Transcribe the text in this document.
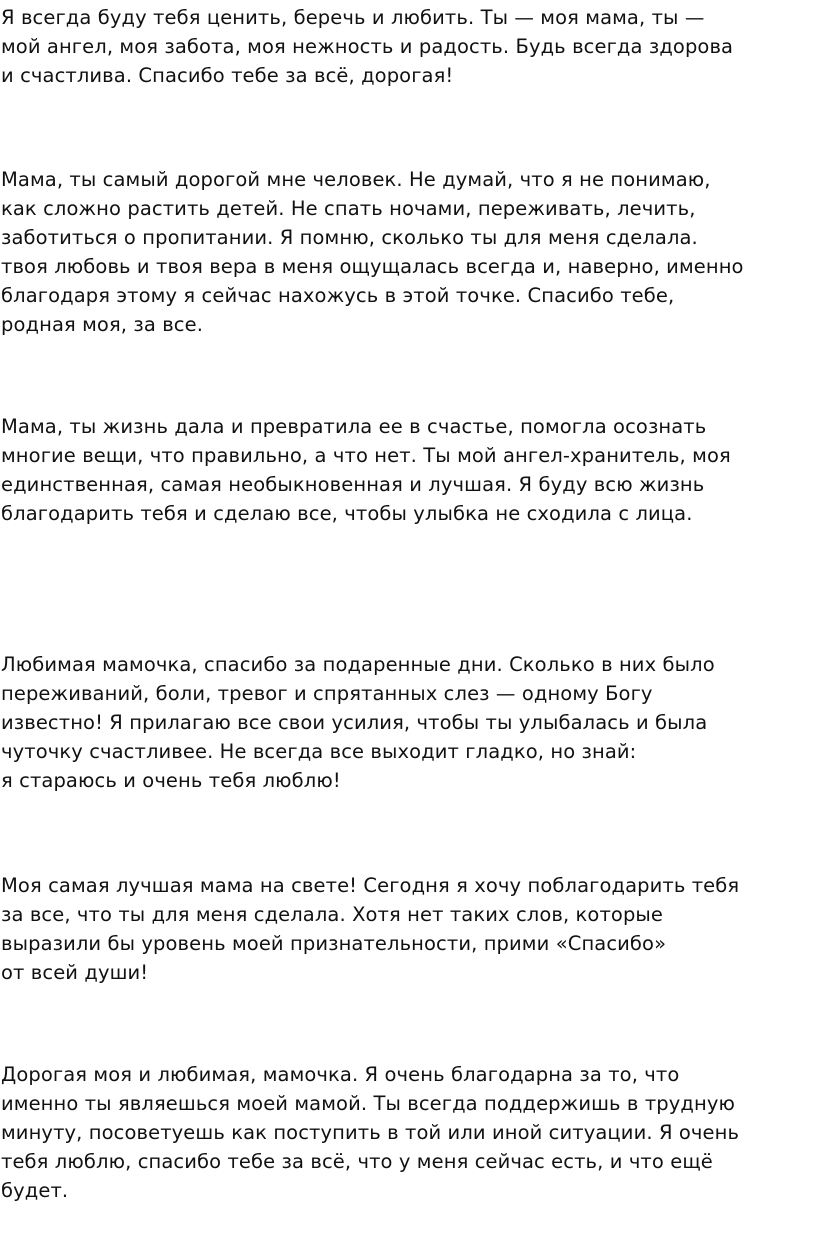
Я всегда буду тебя ценить, беречь и любить. Ты — моя мама, ты —
мой ангел, моя забота, моя нежность и радость. Будь всегда здорова
и счастлива. Спасибо тебе за всё, дорогая!

Мама, ты самый дорогой мне человек. Не думай, что я не понимаю,
как сложно растить детей. Не спать ночами, переживать, лечить,
заботиться о пропитании. Я помню, сколько ты для меня сделала.
твоя любовь и твоя вера в меня ощущалась всегда и, наверно, именно
благодаря этому я сейчас нахожусь в этой точке. Спасибо тебе,
родная моя, за все.

Мама, ты жизнь дала и превратила ее в счастье, помогла осознать
многие вещи, что правильно, а что нет. Ты мой ангел-хранитель, моя
единственная, самая необыкновенная и лучшая. Я буду всю жизнь
благодарить тебя и сделаю все, чтобы улыбка не сходила с лица.

Любимая мамочка, спасибо за подаренные дни. Сколько в них было
переживаний, боли, тревог и спрятанных слез — одному Богу
известно! Я прилагаю все свои усилия, чтобы ты улыбалась и была
чуточку счастливее. Не всегда все выходит гладко, но знай:
я стараюсь и очень тебя люблю!

Моя самая лучшая мама на свете! Сегодня я хочу поблагодарить тебя
за все, что ты для меня сделала. Хотя нет таких слов, которые
выразили бы уровень моей признательности, прими «Спасибо»
от всей души!

Дорогая моя и любимая, мамочка. Я очень благодарна за то, что
именно ты являешься моей мамой. Ты всегда поддержишь в трудную
минуту, посоветуешь как поступить в той или иной ситуации. Я очень
тебя люблю, спасибо тебе за всё, что у меня сейчас есть, и что ещё
будет.
